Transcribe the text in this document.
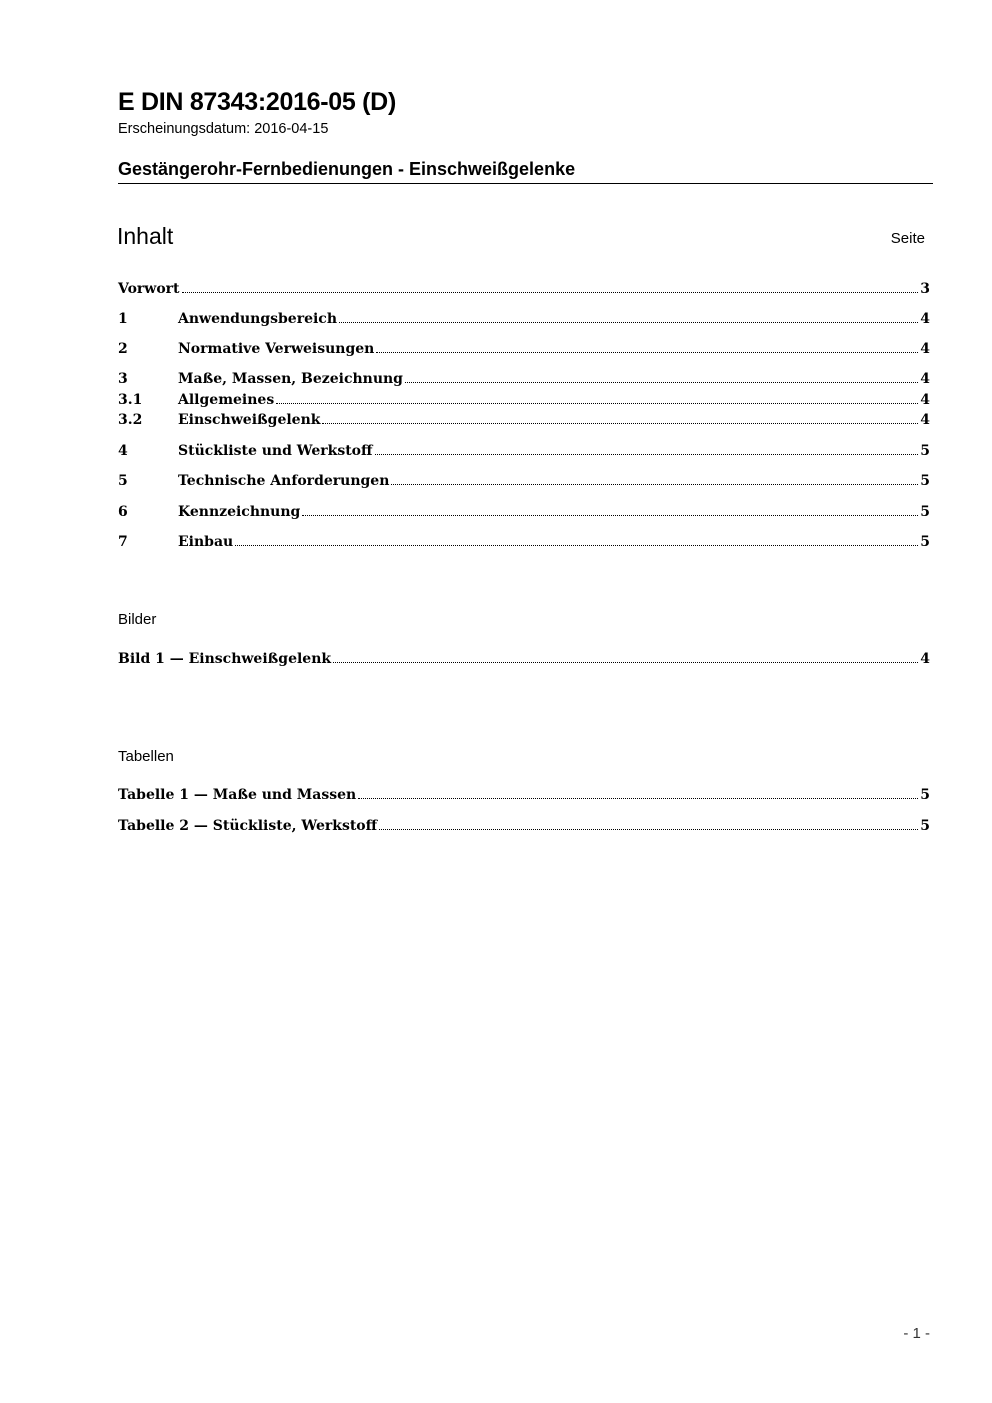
E DIN 87343:2016-05 (D)
Erscheinungsdatum: 2016-04-15
Gestängerohr-Fernbedienungen - Einschweißgelenke
Inhalt	Seite
Vorwort	3
1	Anwendungsbereich	4
2	Normative Verweisungen	4
3	Maße, Massen, Bezeichnung	4
3.1	Allgemeines	4
3.2	Einschweißgelenk	4
4	Stückliste und Werkstoff	5
5	Technische Anforderungen	5
6	Kennzeichnung	5
7	Einbau	5
Bilder
Bild 1 — Einschweißgelenk	4
Tabellen
Tabelle 1 — Maße und Massen	5
Tabelle 2 — Stückliste, Werkstoff	5
- 1 -
